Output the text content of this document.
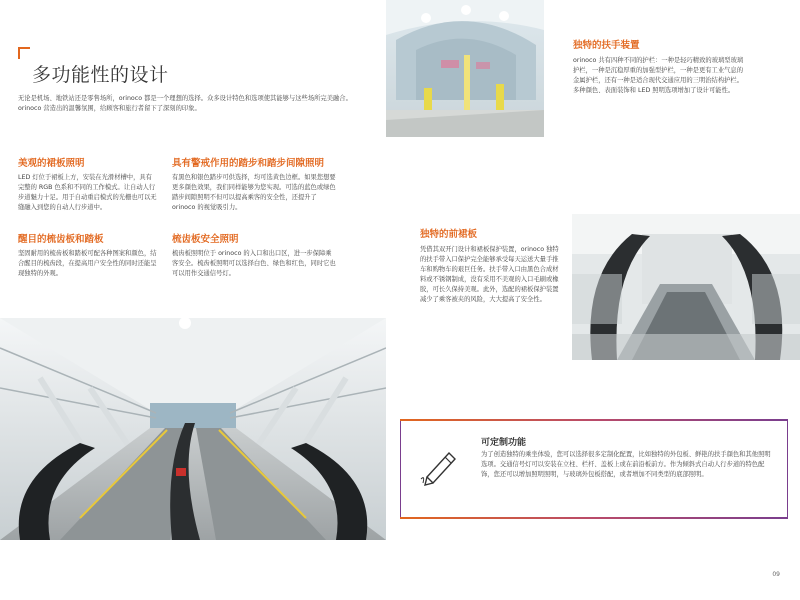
多功能性的设计
无论是机场、地铁站还是零售场所，orinoco 都是一个理想的选择。众多设计特色和选项使其能够与这些场所完美融合。orinoco 营造出的温馨氛围，给顾客和旅行者留下了深刻的印象。
美观的裙板照明
LED 灯位于裙板上方，安装在光滑材槽中，具有完整的 RGB 色系和不同的工作模式。让自动人行步道魅力十足。用于自动重启模式的光栅也可以无缝融入到您的自动人行步道中。
具有警戒作用的踏步和踏步间隙照明
有黑色和银色踏步可供选择，均可选黄色边框。如果您想要更多颜色效果，我们同样能够为您实现。可选的蓝色或绿色踏步间隙照明不但可以提高乘客的安全性，还提升了 orinoco 的视觉吸引力。
醒目的梳齿板和踏板
坚固耐用的梳齿板和踏板可配各种图案和颜色，结合醒目的梳齿段，在提高用户安全性的同时还能呈现独特的外观。
梳齿板安全照明
梳齿板照明位于 orinoco 的入口和出口区，进一步保障乘客安全。梳齿板照明可以选择白色、绿色和红色，同时它也可以用作交通信号灯。
独特的扶手装置
orinoco 共有四种不同的护栏：一种是轻巧精致的玻璃型玻璃护栏，一种是沉稳厚重的加强型护栏，一种是更有工业气息的金属护栏，还有一种是适合现代交通应用的三明治结构护栏。多种颜色、表面装饰和 LED 照明选项增加了设计可能性。
独特的前裙板
凭借其双开门设计和裙板保护装置，orinoco 独特的扶手带入口保护完全能够承受每天运送大量手推车和购物车的艰巨任务。扶手带入口由黑色合成材料或不锈钢制成，没有采用不美观的入口毛刷或橡胶，可长久保持美观。此外，选配的裙板保护装置减少了乘客被夹的风险，大大提高了安全性。
可定制功能
为了创造独特的乘坐体验，您可以选择很多定制化配置，比如独特的外包板、鲜艳的扶手颜色和其他照明选项。交通信号灯可以安装在立柱、栏杆、盖板上或在前沿板前方。作为倾斜式自动人行步道的特色配饰，您还可以增加照明照明，与玻璃外包板搭配，或者增加不同类型的底部照明。
09
